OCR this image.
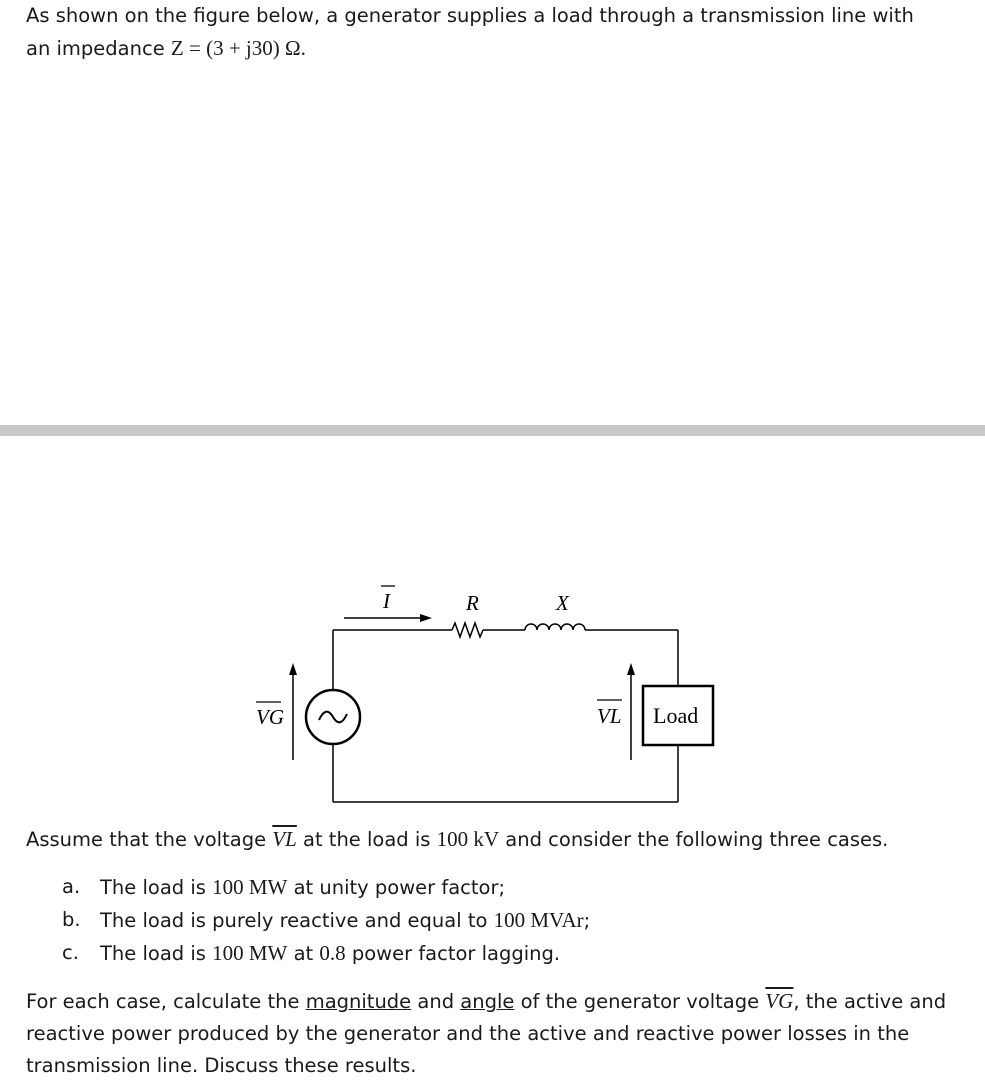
As shown on the figure below, a generator supplies a load through a transmission line with
an impedance Z = (3 + j30) Ω.
I	R	X
VG	VL Load
Assume that the voltage $\overline{VL}$ at the load is 100 kV and consider the following three cases.
a.	The load is 100 MW at unity power factor;
b. The load is purely reactive and equal to 100 MVAr;
c.	The load is 100 MW at 0.8 power factor lagging.
For each case, calculate the magnitude and angle of the generator voltage $\overline{VG}$, the active and
reactive power produced by the generator and the active and reactive power losses in the
transmission line. Discuss these results.
